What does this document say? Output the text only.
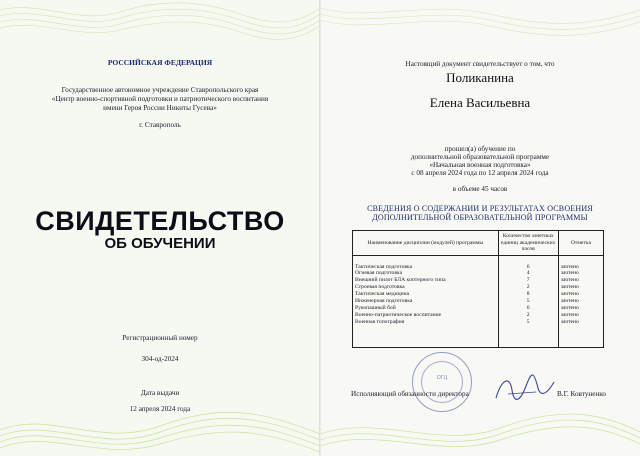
РОССИЙСКАЯ ФЕДЕРАЦИЯ
Государственное автономное учреждение Ставропольского края
«Центр военно-спортивной подготовки и патриотического воспитания
имени Героя России Никиты Гусева»
г. Ставрополь
СВИДЕТЕЛЬСТВО
ОБ ОБУЧЕНИИ
Регистрационный номер
304-од-2024
Дата выдачи
12 апреля 2024 года
Настоящий документ свидетельствует о том, что
Поликанина
Елена Васильевна
прошел(а) обучение по
дополнительной образовательной программе
«Начальная военная подготовка»
с 08 апреля 2024 года по 12 апреля 2024 года
в объеме 45 часов
СВЕДЕНИЯ О СОДЕРЖАНИИ И РЕЗУЛЬТАТАХ ОСВОЕНИЯ
ДОПОЛНИТЕЛЬНОЙ ОБРАЗОВАТЕЛЬНОЙ ПРОГРАММЫ
Наименование дисциплин (модулей) программы	Количество зачетных единиц академических часов	Отметка

Тактическая подготовка	6	зачтено
Огневая подготовка	4	зачтено
Внешний пилот БЛА коптерного типа	7	зачтено
Строевая подготовка	2	зачтено
Тактическая медицина	8	зачтено
Инженерная подготовка	5	зачтено
Рукопашный бой	6	зачтено
Военно-патриотическое воспитание	2	зачтено
Военная топография	5	зачтено

ОГЦ
Исполняющий обязанности директора	В.Г. Ковтуненко
